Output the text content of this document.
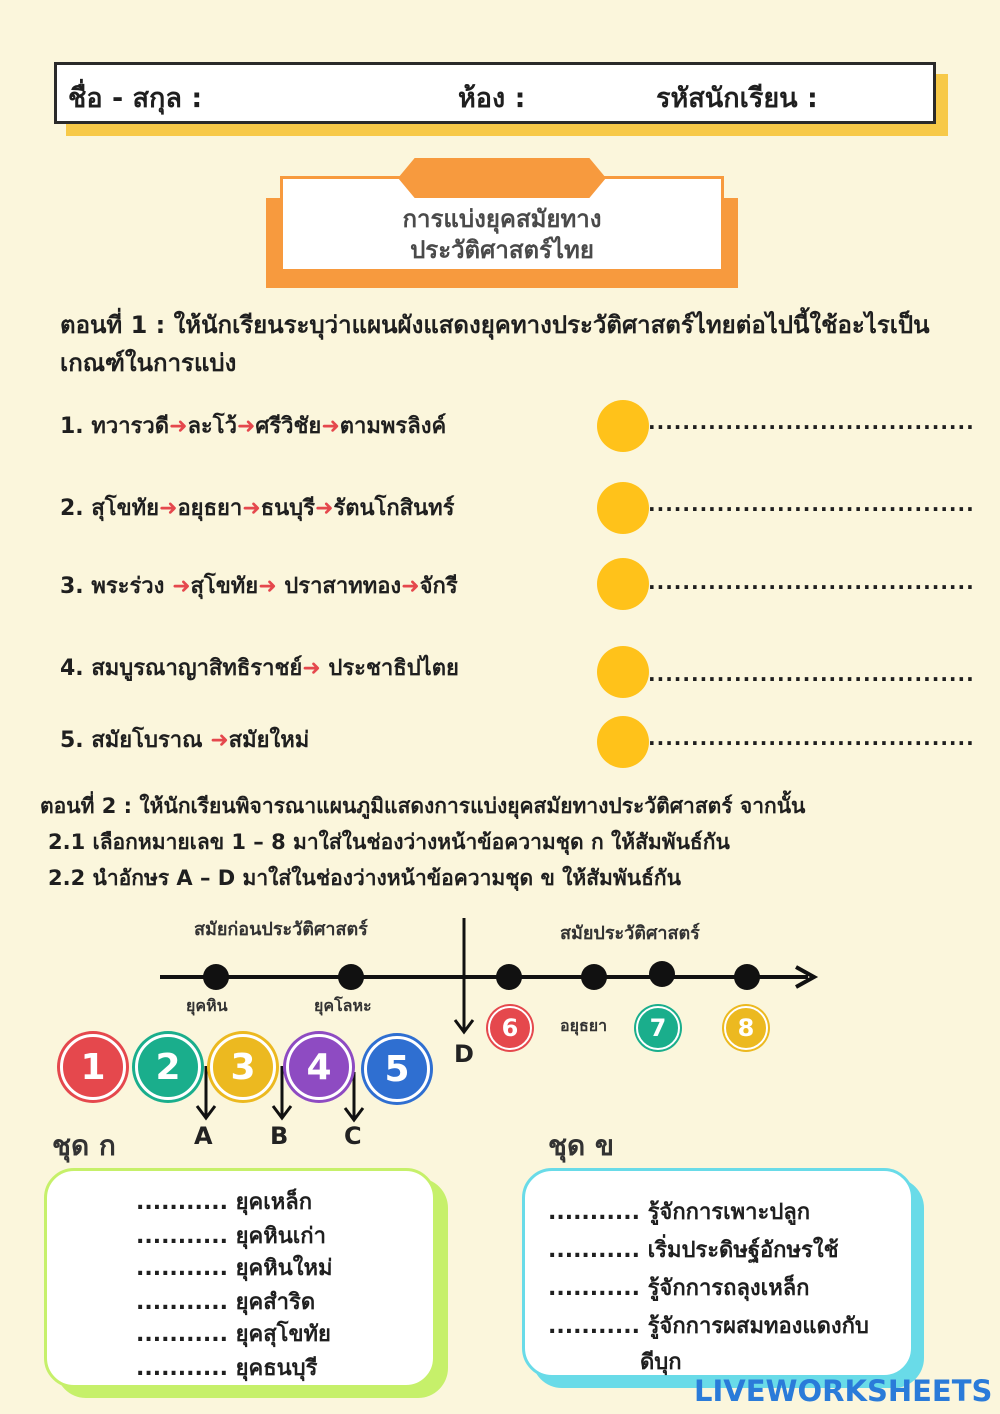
ชื่อ - สกุล :	ห้อง :	รหัสนักเรียน :
การแบ่งยุคสมัยทาง
ประวัติศาสตร์ไทย
ตอนที่ 1 : ให้นักเรียนระบุว่าแผนผังแสดงยุคทางประวัติศาสตร์ไทยต่อไปนี้ใช้อะไรเป็นเกณฑ์ในการแบ่ง
1. ทวารวดี➜ละโว้➜ศรีวิชัย➜ตามพรลิงค์	......................................
2. สุโขทัย➜อยุธยา➜ธนบุรี➜รัตนโกสินทร์	......................................
3. พระร่วง ➜สุโขทัย➜ ปราสาททอง➜จักรี	......................................
4. สมบูรณาญาสิทธิราชย์➜ ประชาธิปไตย	......................................
5. สมัยโบราณ ➜สมัยใหม่	......................................
ตอนที่ 2 : ให้นักเรียนพิจารณาแผนภูมิแสดงการแบ่งยุคสมัยทางประวัติศาสตร์ จากนั้น
2.1 เลือกหมายเลข 1 – 8 มาใส่ในช่องว่างหน้าข้อความชุด ก ให้สัมพันธ์กัน
2.2 นำอักษร A – D มาใส่ในช่องว่างหน้าข้อความชุด ข ให้สัมพันธ์กัน
สมัยก่อนประวัติศาสตร์	สมัยประวัติศาสตร์
ยุคหิน	ยุคโลหะ
อยุธยา
1	2	3	4	5
6	7	8
A B C
D
ชุด ก	ชุด ข
........... ยุคเหล็ก
........... ยุคหินเก่า
........... ยุคหินใหม่
........... ยุคสำริด
........... ยุคสุโขทัย
........... ยุคธนบุรี
........... รู้จักการเพาะปลูก
........... เริ่มประดิษฐ์อักษรใช้
........... รู้จักการถลุงเหล็ก
........... รู้จักการผสมทองแดงกับ
ดีบุก
LIVEWORKSHEETS
